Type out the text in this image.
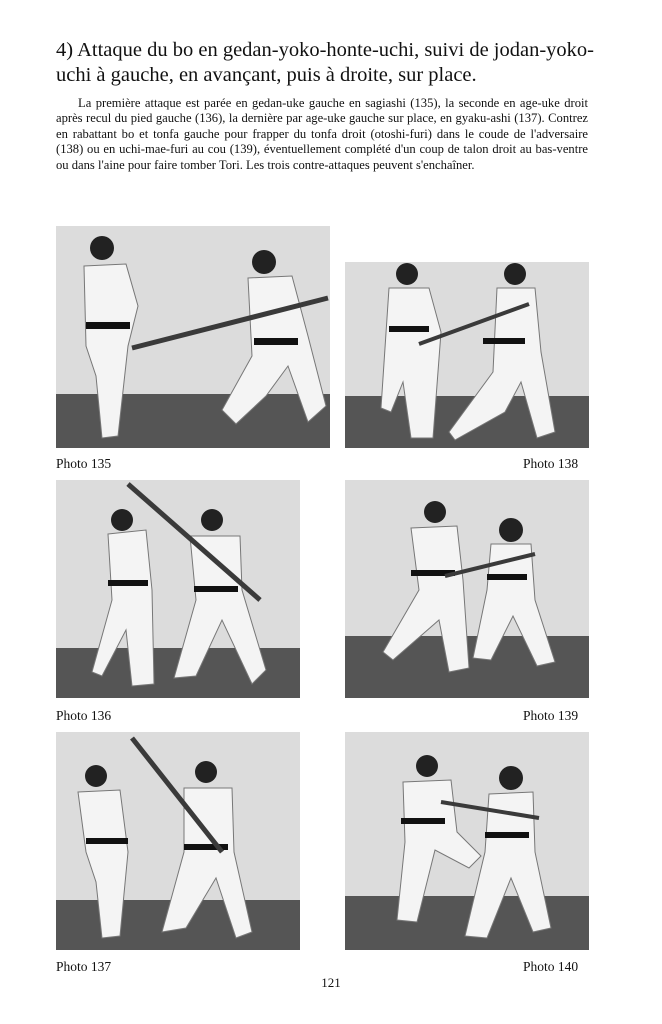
4) Attaque du bo en gedan-yoko-honte-uchi, suivi de jodan-yoko-uchi à gauche, en avançant, puis à droite, sur place.

La première attaque est parée en gedan-uke gauche en sagiashi (135), la seconde en age-uke droit après recul du pied gauche (136), la dernière par age-uke gauche sur place, en gyaku-ashi (137). Contrez en rabattant bo et tonfa gauche pour frapper du tonfa droit (otoshi-furi) dans le coude de l'adversaire (138) ou en uchi-mae-furi au cou (139), éventuellement complété d'un coup de talon droit au bas-ventre ou dans l'aine pour faire tomber Tori. Les trois contre-attaques peuvent s'enchaîner.

Photo 135	Photo 138
Photo 136	Photo 139
Photo 137	Photo 140
121
